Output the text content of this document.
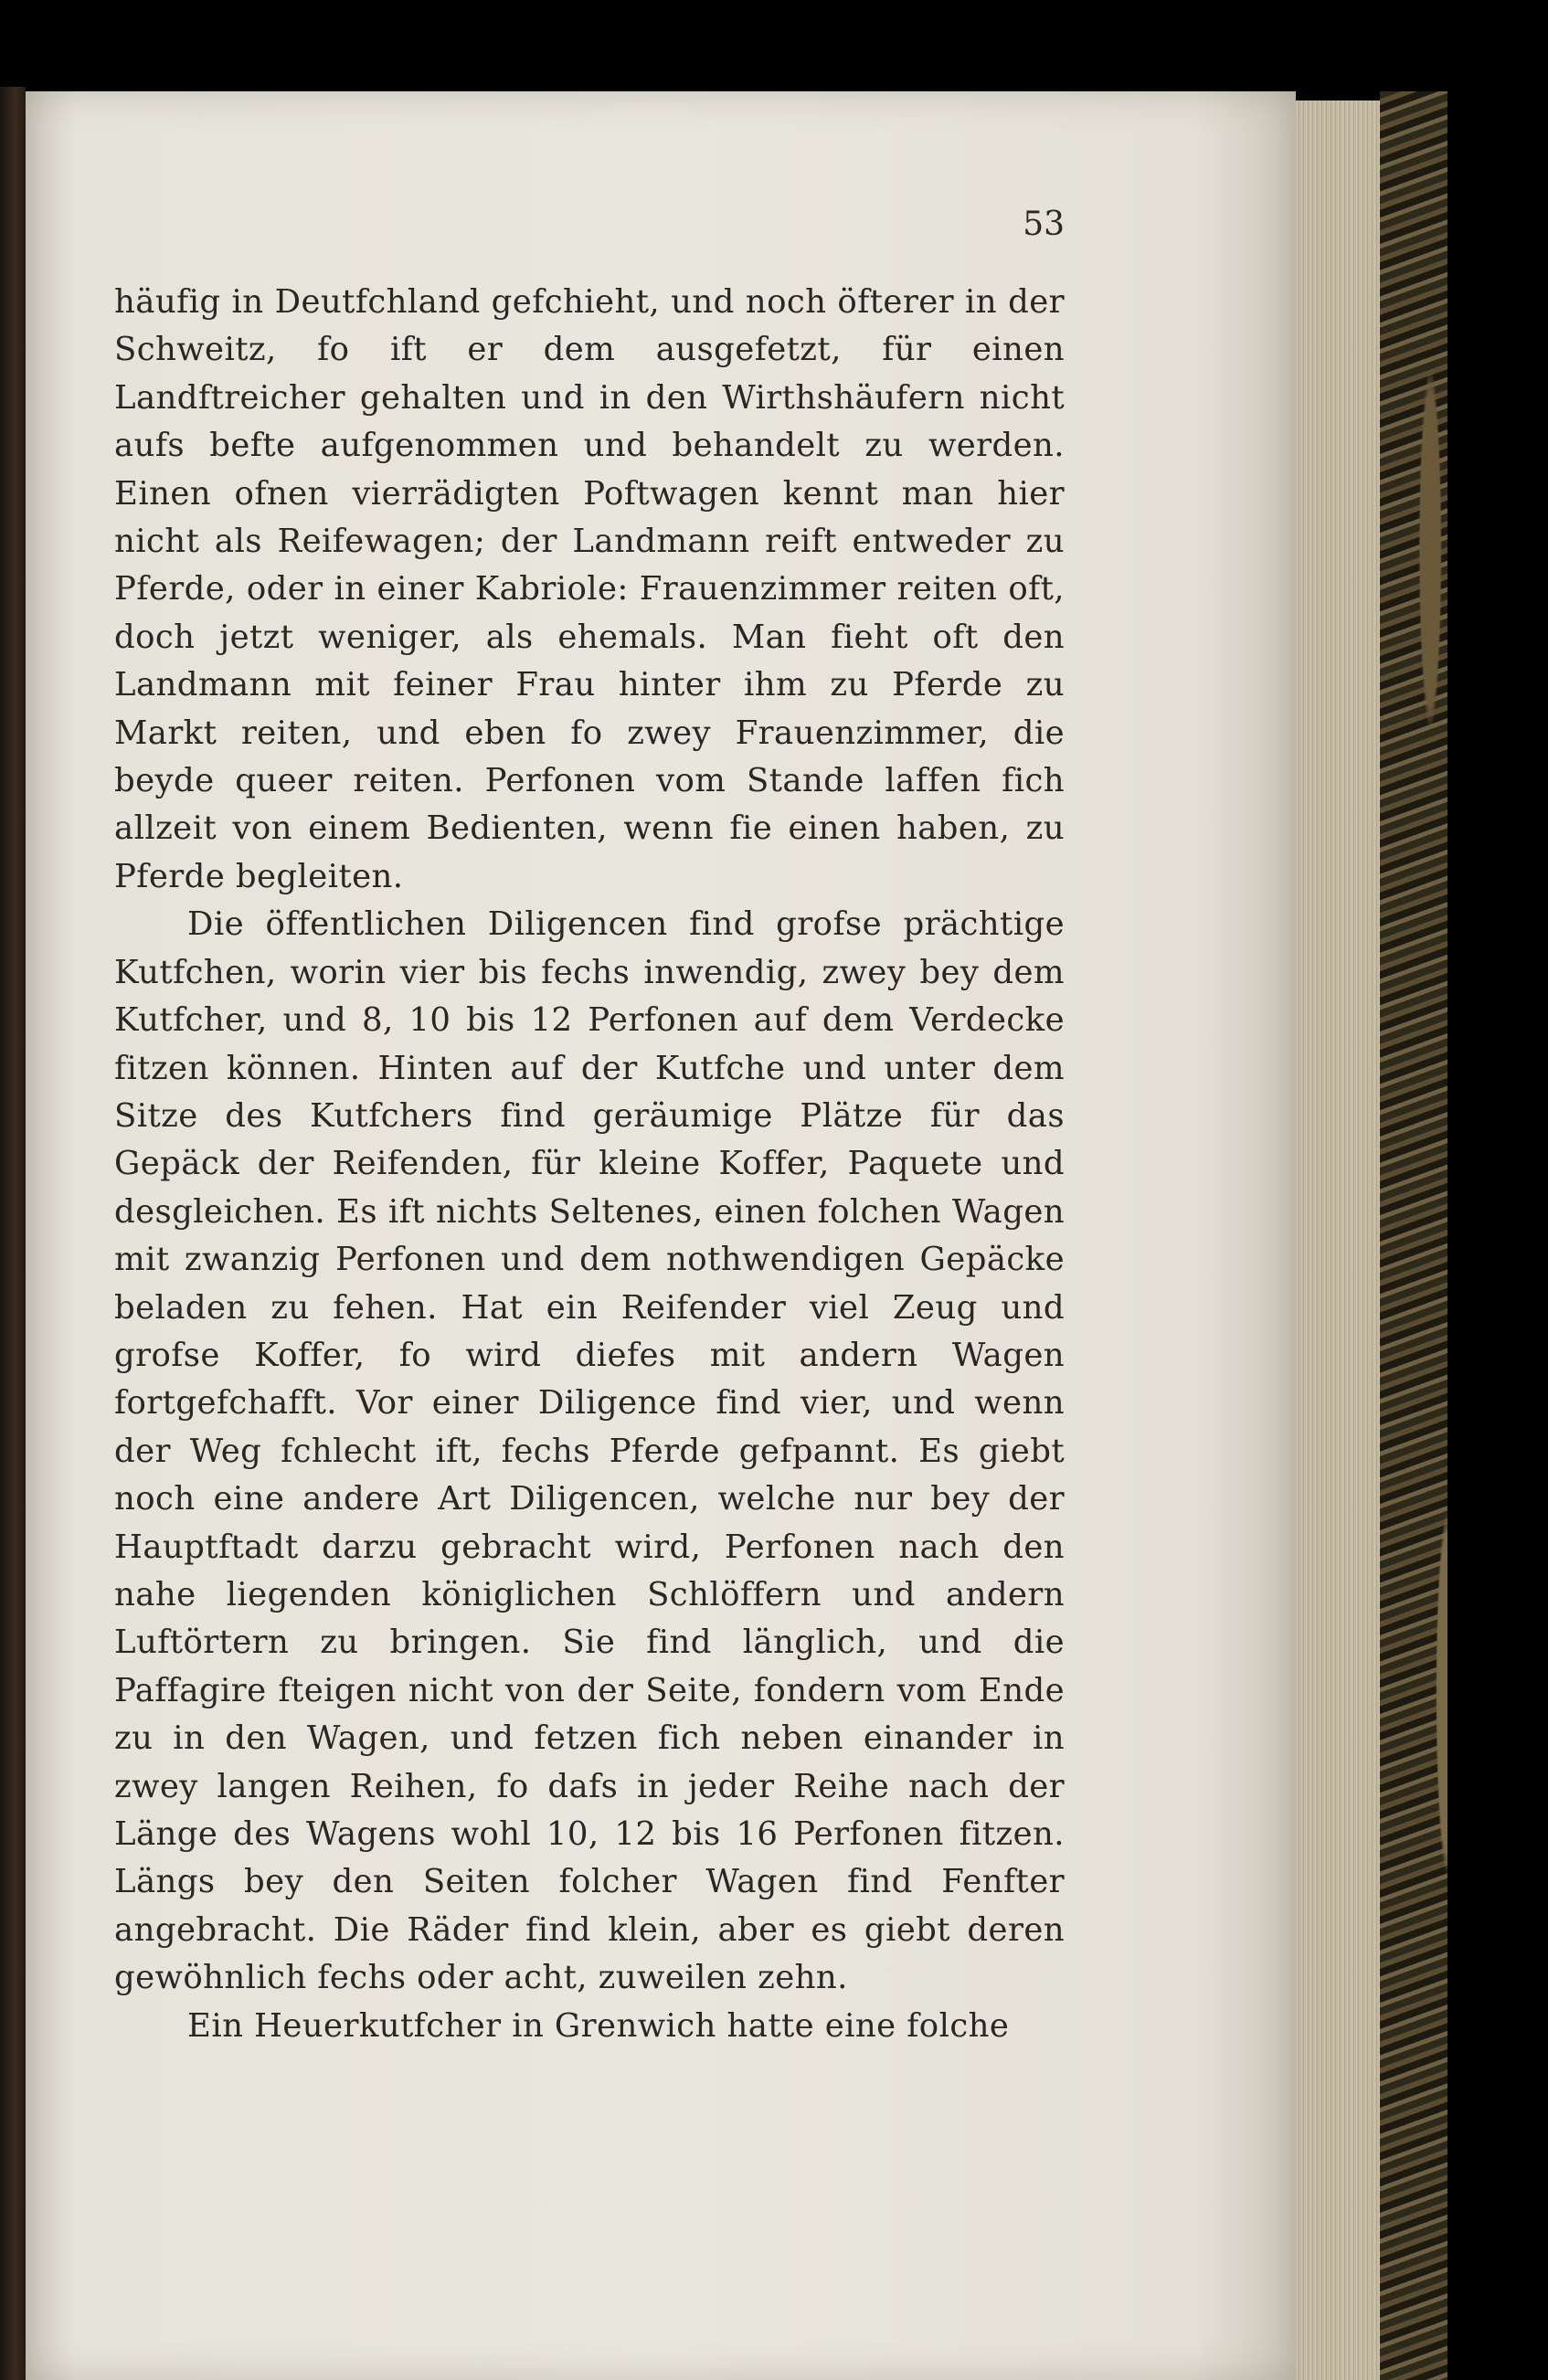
53

häufig in Deutfchland gefchieht, und noch öfterer in der Schweitz, fo ift er dem ausgefetzt, für einen Landftreicher gehalten und in den Wirthshäufern nicht aufs befte aufgenommen und behandelt zu werden. Einen ofnen vierrädigten Poftwagen kennt man hier nicht als Reifewagen; der Landmann reift entweder zu Pferde, oder in einer Kabriole: Frauenzimmer reiten oft, doch jetzt weniger, als ehemals. Man fieht oft den Landmann mit feiner Frau hinter ihm zu Pferde zu Markt reiten, und eben fo zwey Frauenzimmer, die beyde queer reiten. Perfonen vom Stande laffen fich allzeit von einem Bedienten, wenn fie einen haben, zu Pferde begleiten.

Die öffentlichen Diligencen find grofse prächtige Kutfchen, worin vier bis fechs inwendig, zwey bey dem Kutfcher, und 8, 10 bis 12 Perfonen auf dem Verdecke fitzen können. Hinten auf der Kutfche und unter dem Sitze des Kutfchers find geräumige Plätze für das Gepäck der Reifenden, für kleine Koffer, Paquete und desgleichen. Es ift nichts Seltenes, einen folchen Wagen mit zwanzig Perfonen und dem nothwendigen Gepäcke beladen zu fehen. Hat ein Reifender viel Zeug und grofse Koffer, fo wird diefes mit andern Wagen fortgefchafft. Vor einer Diligence find vier, und wenn der Weg fchlecht ift, fechs Pferde gefpannt. Es giebt noch eine andere Art Diligencen, welche nur bey der Hauptftadt darzu gebracht wird, Perfonen nach den nahe liegenden königlichen Schlöffern und andern Luftörtern zu bringen. Sie find länglich, und die Paffagire fteigen nicht von der Seite, fondern vom Ende zu in den Wagen, und fetzen fich neben einander in zwey langen Reihen, fo dafs in jeder Reihe nach der Länge des Wagens wohl 10, 12 bis 16 Perfonen fitzen. Längs bey den Seiten folcher Wagen find Fenfter angebracht. Die Räder find klein, aber es giebt deren gewöhnlich fechs oder acht, zuweilen zehn.

Ein Heuerkutfcher in Grenwich hatte eine folche
